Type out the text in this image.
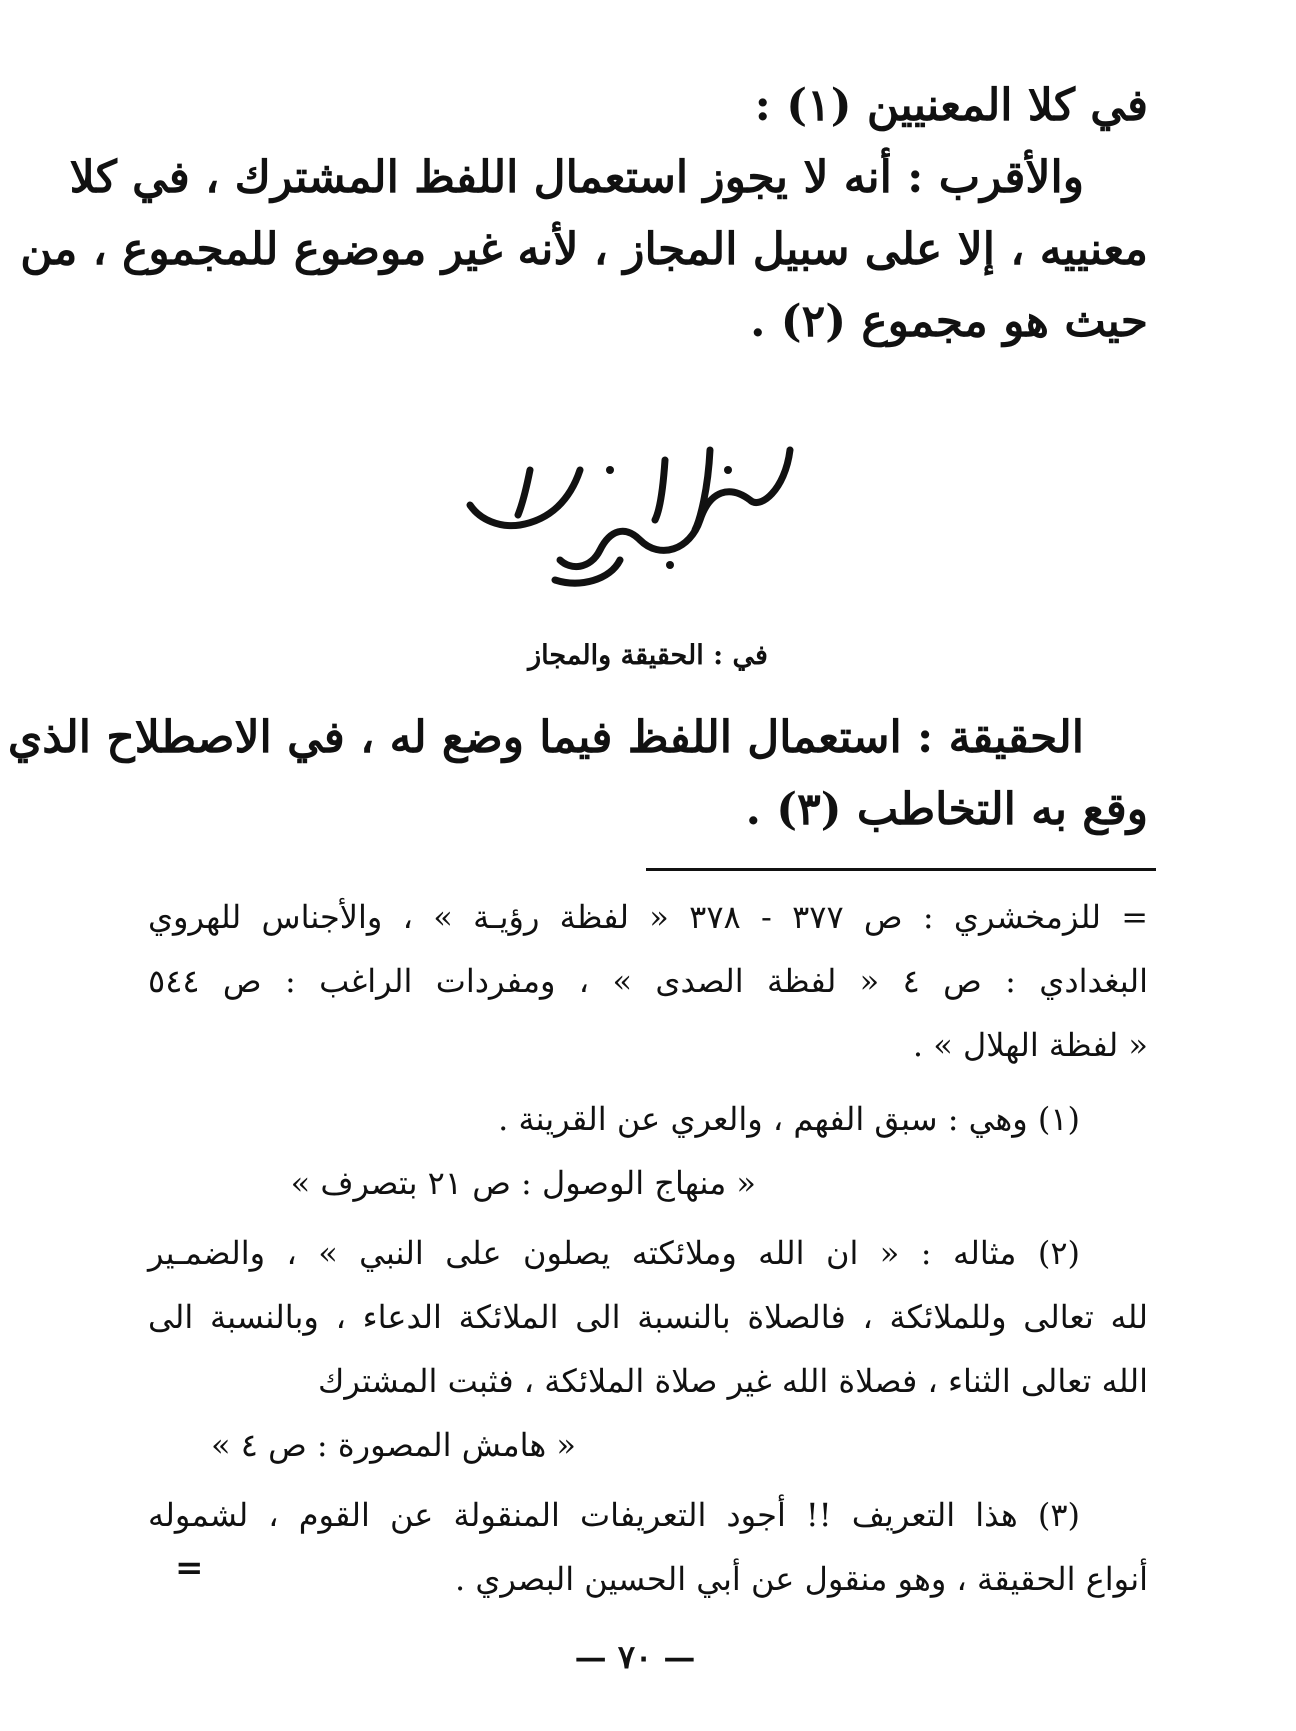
في كلا المعنيين (١) :

والأقرب : أنه لا يجوز استعمال اللفظ المشترك ، في كلا

معنييه ، إلا على سبيل المجاز ، لأنه غير موضوع للمجموع ، من

حيث هو مجموع (٢) .

البحث الرابع
في : الحقيقة والمجاز

الحقيقة : استعمال اللفظ فيما وضع له ، في الاصطلاح الذي

وقع به التخاطب (٣) .

= للزمخشري : ص ٣٧٧ - ٣٧٨ « لفظة رؤيـة » ، والأجناس للهروي

البغدادي : ص ٤ « لفظة الصدى » ، ومفردات الراغب : ص ٥٤٤

« لفظة الهلال » .

(١) وهي : سبق الفهم ، والعري عن القرينة .

« منهاج الوصول : ص ٢١ بتصرف »

(٢) مثاله : « ان الله وملائكته يصلون على النبي » ، والضمـير

لله تعالى وللملائكة ، فالصلاة بالنسبة الى الملائكة الدعاء ، وبالنسبة الى

الله تعالى الثناء ، فصلاة الله غير صلاة الملائكة ، فثبت المشترك

« هامش المصورة : ص ٤ »

(٣) هذا التعريف !! أجود التعريفات المنقولة عن القوم ، لشموله

أنواع الحقيقة ، وهو منقول عن أبي الحسين البصري .

=
— ٧٠ —
